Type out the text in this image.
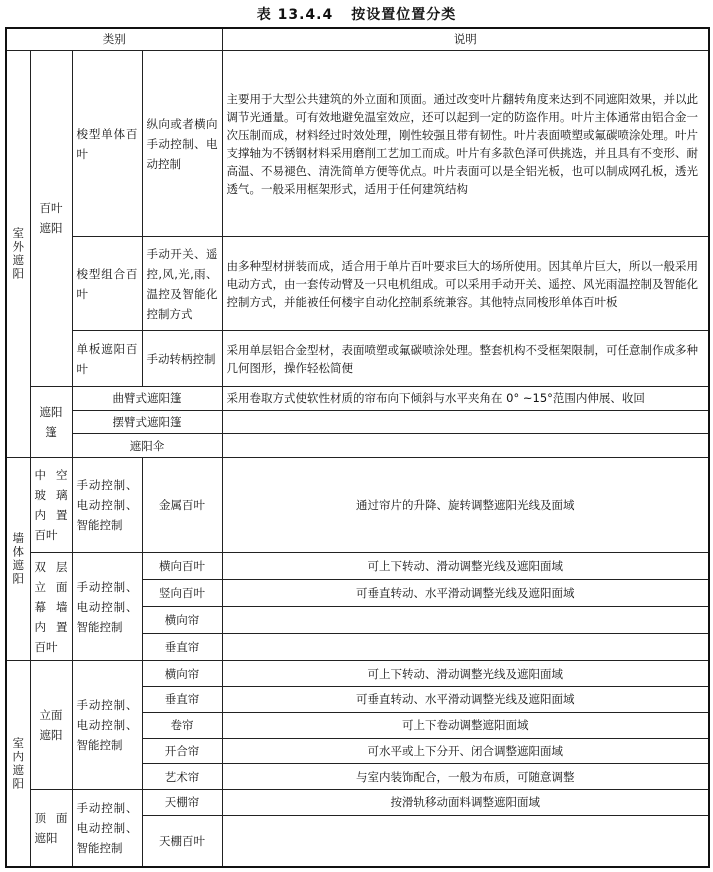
表 13.4.4 按设置位置分类
类别				说明
室外遮阳	百叶遮阳	梭型单体百叶	纵向或者横向 手动控制、电动控制	主要用于大型公共建筑的外立面和顶面。通过改变叶片翻转角度来达到不同遮阳效果，并以此调节光通量。可有效地避免温室效应，还可以起到一定的防盗作用。叶片主体通常由铝合金一次压制而成，材料经过时效处理，刚性较强且带有韧性。叶片表面喷塑或氟碳喷涂处理。叶片支撑轴为不锈钢材料采用磨削工艺加工而成。叶片有多款色泽可供挑选，并且具有不变形、耐高温、不易褪色、清洗简单方便等优点。叶片表面可以是全铝光板，也可以制成网孔板，透光透气。一般采用框架形式，适用于任何建筑结构
		梭型组合百叶	手动开关、遥控,风,光,雨、温控及智能化控制方式	由多种型材拼装而成，适合用于单片百叶要求巨大的场所使用。因其单片巨大，所以一般采用电动方式，由一套传动臂及一只电机组成。可以采用手动开关、遥控、风光雨温控制及智能化控制方式，并能被任何楼宇自动化控制系统兼容。其他特点同梭形单体百叶板
		单板遮阳百叶	手动转柄控制	采用单层铝合金型材，表面喷塑或氟碳喷涂处理。整套机构不受框架限制，可任意制作成多种几何图形，操作轻松简便
	遮阳篷	曲臂式遮阳篷		采用卷取方式使软性材质的帘布向下倾斜与水平夹角在 0° ~15°范围内伸展、收回
		摆臂式遮阳篷		
		遮阳伞		
墙体遮阳	中空玻璃内置百叶	手动控制、电动控制、智能控制	金属百叶	通过帘片的升降、旋转调整遮阳光线及面域
	双层立面幕墙内置百叶	手动控制、电动控制、智能控制	横向百叶	可上下转动、滑动调整光线及遮阳面域
			竖向百叶	可垂直转动、水平滑动调整光线及遮阳面域
			横向帘	
			垂直帘	
室内遮阳	立面遮阳	手动控制、电动控制、智能控制	横向帘	可上下转动、滑动调整光线及遮阳面域
			垂直帘	可垂直转动、水平滑动调整光线及遮阳面域
			卷帘	可上下卷动调整遮阳面域
			开合帘	可水平或上下分开、闭合调整遮阳面域
			艺术帘	与室内装饰配合，一般为布质，可随意调整
	顶面遮阳	手动控制、电动控制、智能控制	天棚帘	按滑轨移动面料调整遮阳面域
			天棚百叶	
